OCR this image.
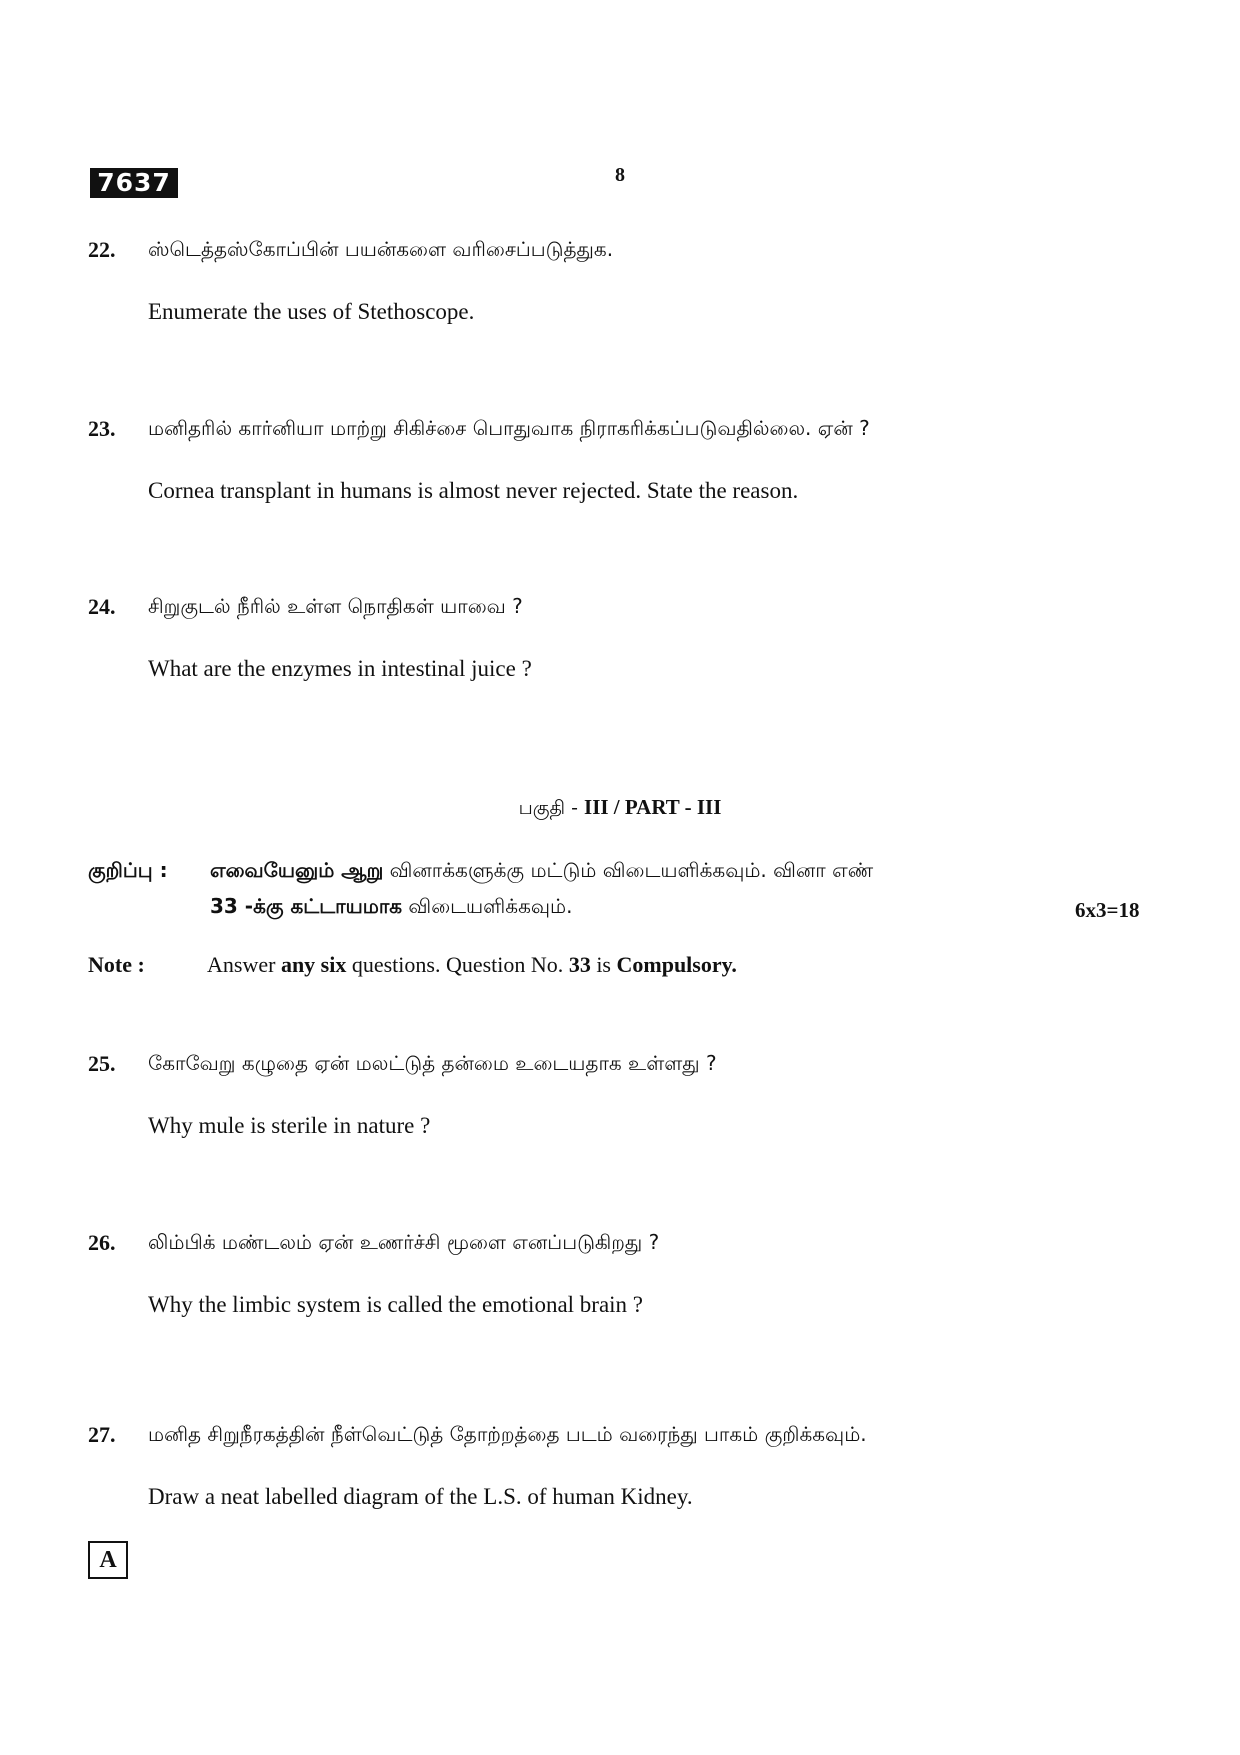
7637	8
22. ஸ்டெத்தஸ்கோப்பின் பயன்களை வரிசைப்படுத்துக.
Enumerate the uses of Stethoscope.
23. மனிதரில் கார்னியா மாற்று சிகிச்சை பொதுவாக நிராகரிக்கப்படுவதில்லை. ஏன் ?
Cornea transplant in humans is almost never rejected. State the reason.
24. சிறுகுடல் நீரில் உள்ள நொதிகள் யாவை ?
What are the enzymes in intestinal juice ?
பகுதி - III / PART - III
குறிப்பு : எவையேனும் ஆறு வினாக்களுக்கு மட்டும் விடையளிக்கவும். வினா எண்
33 -க்கு கட்டாயமாக விடையளிக்கவும்.	6x3=18
Note :	Answer any six questions. Question No. 33 is Compulsory.
25. கோவேறு கழுதை ஏன் மலட்டுத் தன்மை உடையதாக உள்ளது ?
Why mule is sterile in nature ?
26. லிம்பிக் மண்டலம் ஏன் உணர்ச்சி மூளை எனப்படுகிறது ?
Why the limbic system is called the emotional brain ?
27. மனித சிறுநீரகத்தின் நீள்வெட்டுத் தோற்றத்தை படம் வரைந்து பாகம் குறிக்கவும்.
Draw a neat labelled diagram of the L.S. of human Kidney.
A
